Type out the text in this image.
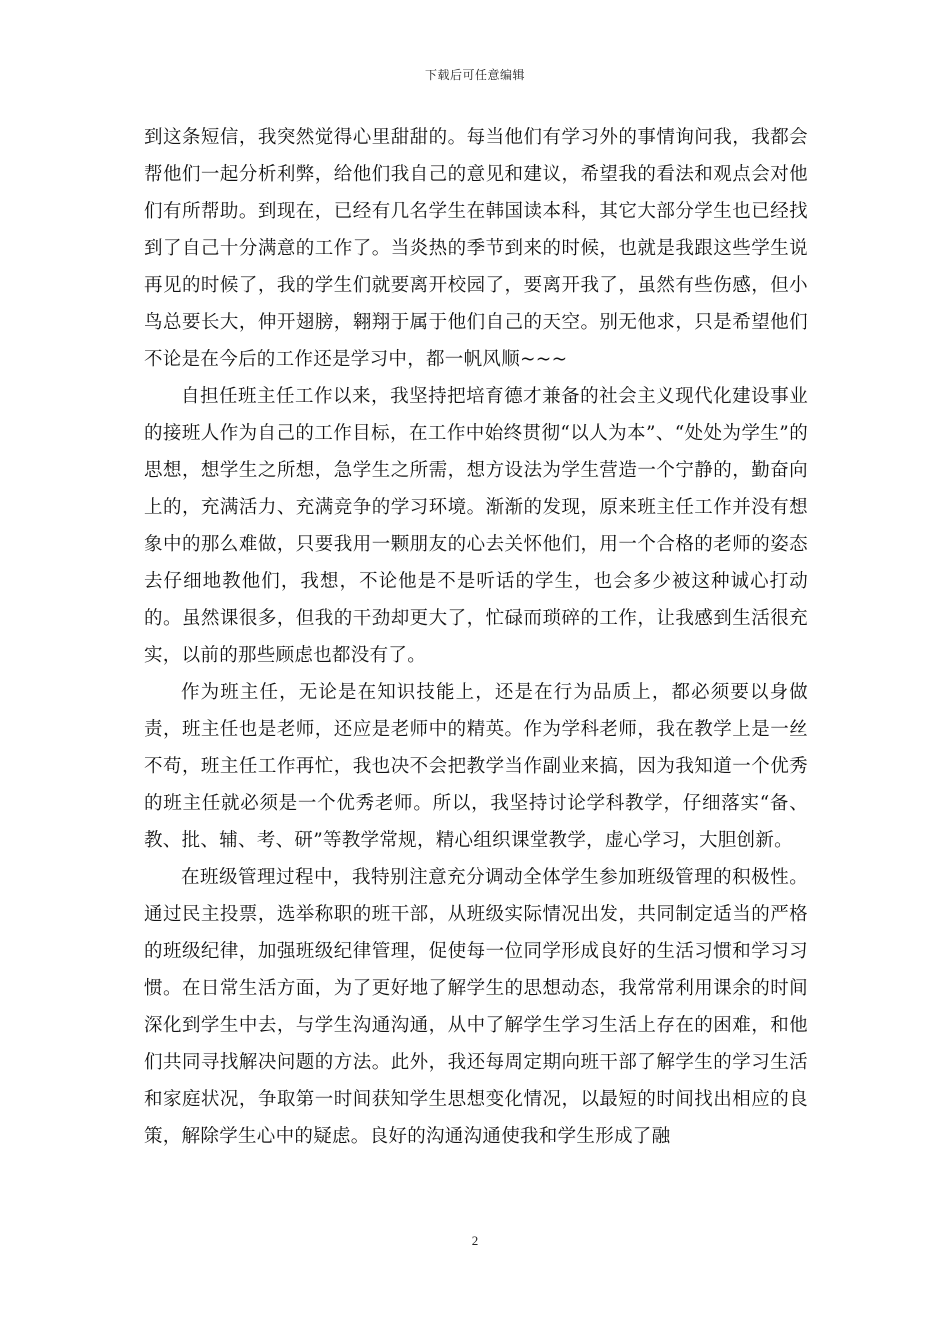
下载后可任意编辑

到这条短信，我突然觉得心里甜甜的。每当他们有学习外的事情询问我，我都会帮他们一起分析利弊，给他们我自己的意见和建议，希望我的看法和观点会对他们有所帮助。到现在，已经有几名学生在韩国读本科，其它大部分学生也已经找到了自己十分满意的工作了。当炎热的季节到来的时候，也就是我跟这些学生说再见的时候了，我的学生们就要离开校园了，要离开我了，虽然有些伤感，但小鸟总要长大，伸开翅膀，翱翔于属于他们自己的天空。别无他求，只是希望他们不论是在今后的工作还是学习中，都一帆风顺~~~

自担任班主任工作以来，我坚持把培育德才兼备的社会主义现代化建设事业的接班人作为自己的工作目标，在工作中始终贯彻“以人为本”、“处处为学生”的思想，想学生之所想，急学生之所需，想方设法为学生营造一个宁静的，勤奋向上的，充满活力、充满竞争的学习环境。渐渐的发现，原来班主任工作并没有想象中的那么难做，只要我用一颗朋友的心去关怀他们，用一个合格的老师的姿态去仔细地教他们，我想，不论他是不是听话的学生，也会多少被这种诚心打动的。虽然课很多，但我的干劲却更大了，忙碌而琐碎的工作，让我感到生活很充实，以前的那些顾虑也都没有了。

作为班主任，无论是在知识技能上，还是在行为品质上，都必须要以身做责，班主任也是老师，还应是老师中的精英。作为学科老师，我在教学上是一丝不苟，班主任工作再忙，我也决不会把教学当作副业来搞，因为我知道一个优秀的班主任就必须是一个优秀老师。所以，我坚持讨论学科教学，仔细落实“备、教、批、辅、考、研”等教学常规，精心组织课堂教学，虚心学习，大胆创新。

在班级管理过程中，我特别注意充分调动全体学生参加班级管理的积极性。通过民主投票，选举称职的班干部，从班级实际情况出发，共同制定适当的严格的班级纪律，加强班级纪律管理，促使每一位同学形成良好的生活习惯和学习习惯。在日常生活方面，为了更好地了解学生的思想动态，我常常利用课余的时间深化到学生中去，与学生沟通沟通，从中了解学生学习生活上存在的困难，和他们共同寻找解决问题的方法。此外，我还每周定期向班干部了解学生的学习生活和家庭状况，争取第一时间获知学生思想变化情况，以最短的时间找出相应的良策，解除学生心中的疑虑。良好的沟通沟通使我和学生形成了融

2
